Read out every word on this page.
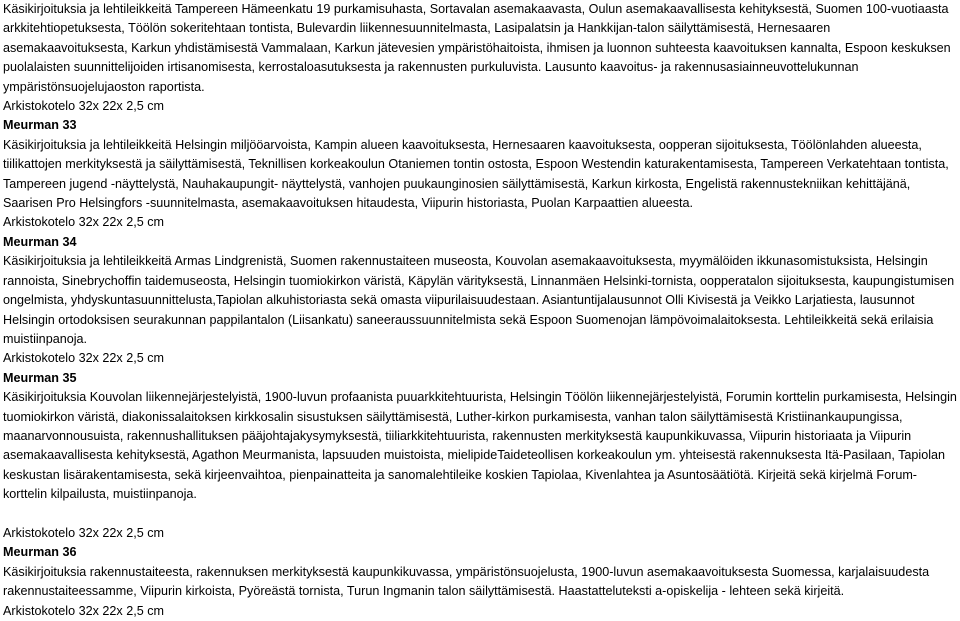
Käsikirjoituksia ja lehtileikkeitä Tampereen Hämeenkatu 19 purkamisuhasta, Sortavalan asemakaavasta, Oulun asemakaavallisesta kehityksestä, Suomen 100-vuotiaasta arkkitehtiopetuksesta, Töölön sokeritehtaan tontista, Bulevardin liikennesuunnitelmasta, Lasipalatsin ja Hankkijan-talon säilyttämisestä, Hernesaaren asemakaavoituksesta, Karkun yhdistämisestä Vammalaan, Karkun jätevesien ympäristöhaitoista, ihmisen ja luonnon suhteesta kaavoituksen kannalta, Espoon keskuksen puolalaisten suunnittelijoiden irtisanomisesta, kerrostaloasutuksesta ja rakennusten purkuluvista. Lausunto kaavoitus- ja rakennusasiainneuvottelukunnan ympäristönsuojelujaoston raportista.

Arkistokotelo 32x 22x 2,5 cm

Meurman 33

Käsikirjoituksia ja lehtileikkeitä Helsingin miljööarvoista, Kampin alueen kaavoituksesta, Hernesaaren kaavoituksesta, oopperan sijoituksesta, Töölönlahden alueesta, tiilikattojen merkityksestä ja säilyttämisestä, Teknillisen korkeakoulun Otaniemen tontin ostosta, Espoon Westendin katurakentamisesta, Tampereen Verkatehtaan tontista, Tampereen jugend -näyttelystä, Nauhakaupungit- näyttelystä, vanhojen puukaunginosien säilyttämisestä, Karkun kirkosta, Engelistä rakennustekniikan kehittäjänä, Saarisen Pro Helsingfors -suunnitelmasta, asemakaavoituksen hitaudesta, Viipurin historiasta, Puolan Karpaattien alueesta.

Arkistokotelo 32x 22x 2,5 cm

Meurman 34

Käsikirjoituksia ja lehtileikkeitä Armas Lindgrenistä, Suomen rakennustaiteen museosta, Kouvolan asemakaavoituksesta, myymälöiden ikkunasomistuksista, Helsingin rannoista, Sinebrychoffin taidemuseosta, Helsingin tuomiokirkon väristä, Käpylän värityksestä, Linnanmäen Helsinki-tornista, oopperatalon sijoituksesta, kaupungistumisen ongelmista, yhdyskuntasuunnittelusta,Tapiolan alkuhistoriasta sekä omasta viipurilaisuudestaan. Asiantuntijalausunnot Olli Kivisestä ja Veikko Larjatiesta, lausunnot Helsingin ortodoksisen seurakunnan pappilantalon (Liisankatu) saneeraussuunnitelmista sekä Espoon Suomenojan lämpövoimalaitoksesta. Lehtileikkeitä sekä erilaisia muistiinpanoja.

Arkistokotelo 32x 22x 2,5 cm

Meurman 35

Käsikirjoituksia Kouvolan liikennejärjestelyistä, 1900-luvun profaanista puuarkkitehtuurista, Helsingin Töölön liikennejärjestelyistä, Forumin korttelin purkamisesta, Helsingin tuomiokirkon väristä, diakonissalaitoksen kirkkosalin sisustuksen säilyttämisestä, Luther-kirkon purkamisesta, vanhan talon säilyttämisestä Kristiinankaupungissa, maanarvonnousuista, rakennushallituksen pääjohtajakysymyksestä, tiiliarkkitehtuurista, rakennusten merkityksestä kaupunkikuvassa, Viipurin historiaata ja Viipurin asemakaavallisesta kehityksestä, Agathon Meurmanista, lapsuuden muistoista, mielipideTaideteollisen korkeakoulun ym. yhteisestä rakennuksesta Itä-Pasilaan, Tapiolan keskustan lisärakentamisesta, sekä kirjeenvaihtoa, pienpainatteita ja sanomalehtileike koskien Tapiolaa, Kivenlahtea ja Asuntosäätiötä. Kirjeitä sekä kirjelmä Forum-korttelin kilpailusta, muistiinpanoja.

Arkistokotelo 32x 22x 2,5 cm

Meurman 36

Käsikirjoituksia rakennustaiteesta, rakennuksen merkityksestä kaupunkikuvassa, ympäristönsuojelusta, 1900-luvun asemakaavoituksesta Suomessa, karjalaisuudesta rakennustaiteessamme, Viipurin kirkoista, Pyöreästä tornista, Turun Ingmanin talon säilyttämisestä. Haastatteluteksti a-opiskelija - lehteen sekä kirjeitä.

Arkistokotelo 32x 22x 2,5 cm
